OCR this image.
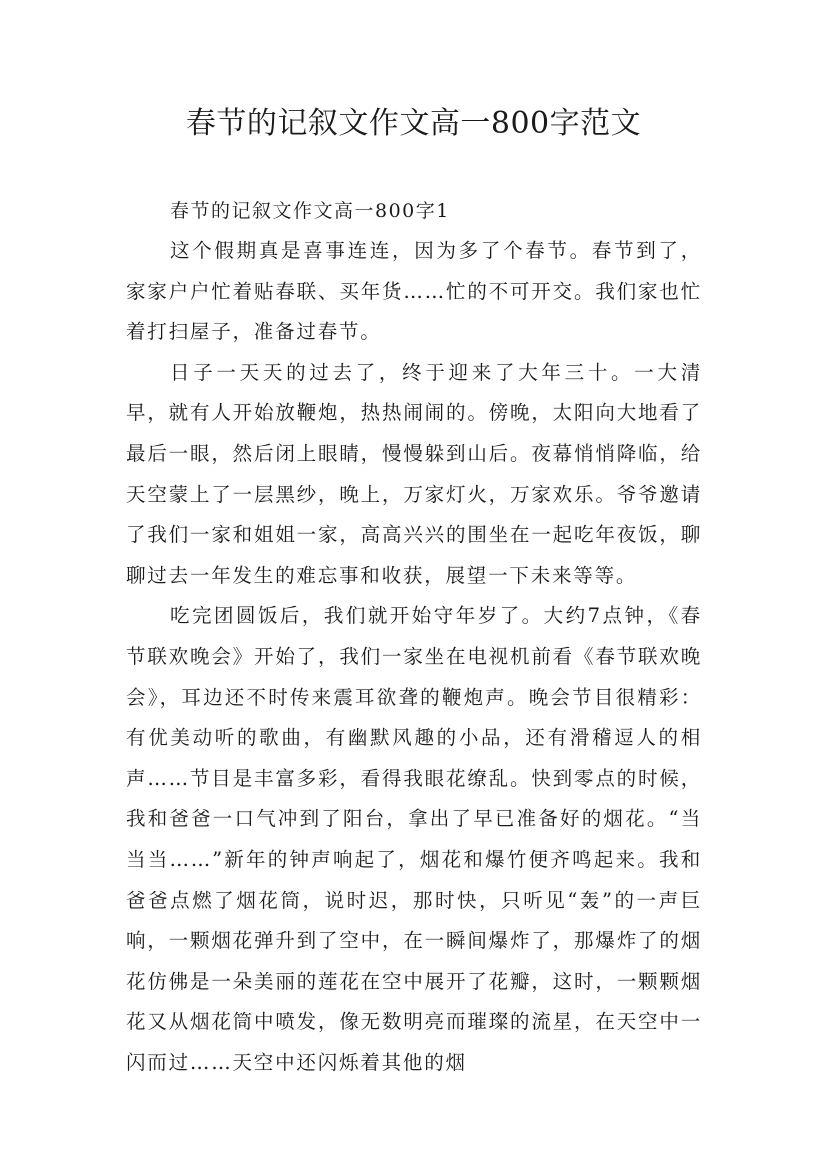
春节的记叙文作文高一800字范文

春节的记叙文作文高一800字1

这个假期真是喜事连连，因为多了个春节。春节到了，家家户户忙着贴春联、买年货……忙的不可开交。我们家也忙着打扫屋子，准备过春节。

日子一天天的过去了，终于迎来了大年三十。一大清早，就有人开始放鞭炮，热热闹闹的。傍晚，太阳向大地看了最后一眼，然后闭上眼睛，慢慢躲到山后。夜幕悄悄降临，给天空蒙上了一层黑纱，晚上，万家灯火，万家欢乐。爷爷邀请了我们一家和姐姐一家，高高兴兴的围坐在一起吃年夜饭，聊聊过去一年发生的难忘事和收获，展望一下未来等等。

吃完团圆饭后，我们就开始守年岁了。大约7点钟，《春节联欢晚会》开始了，我们一家坐在电视机前看《春节联欢晚会》，耳边还不时传来震耳欲聋的鞭炮声。晚会节目很精彩：有优美动听的歌曲，有幽默风趣的小品，还有滑稽逗人的相声……节目是丰富多彩，看得我眼花缭乱。快到零点的时候，我和爸爸一口气冲到了阳台，拿出了早已准备好的烟花。“当当当……”新年的钟声响起了，烟花和爆竹便齐鸣起来。我和爸爸点燃了烟花筒，说时迟，那时快，只听见“轰”的一声巨响，一颗烟花弹升到了空中，在一瞬间爆炸了，那爆炸了的烟花仿佛是一朵美丽的莲花在空中展开了花瓣，这时，一颗颗烟花又从烟花筒中喷发，像无数明亮而璀璨的流星，在天空中一闪而过……天空中还闪烁着其他的烟
